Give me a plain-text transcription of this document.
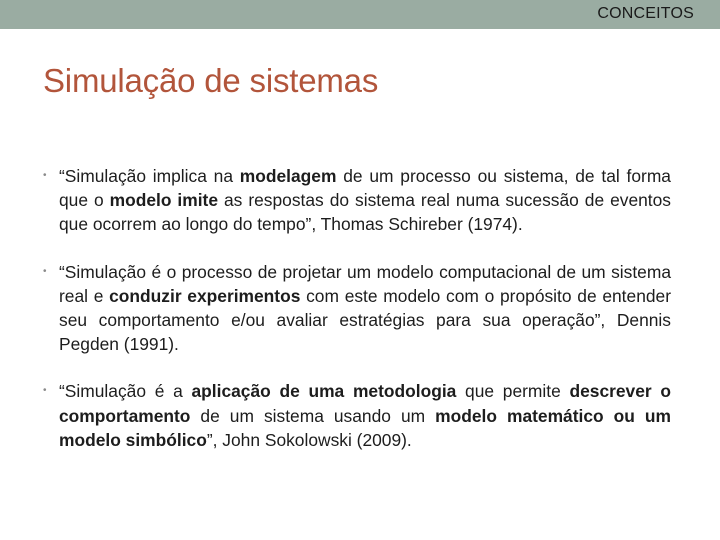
CONCEITOS
Simulação de sistemas
• “Simulação implica na modelagem de um processo ou sistema, de tal forma que o modelo imite as respostas do sistema real numa sucessão de eventos que ocorrem ao longo do tempo”, Thomas Schireber (1974).
• “Simulação é o processo de projetar um modelo computacional de um sistema real e conduzir experimentos com este modelo com o propósito de entender seu comportamento e/ou avaliar estratégias para sua operação”, Dennis Pegden (1991).
• “Simulação é a aplicação de uma metodologia que permite descrever o comportamento de um sistema usando um modelo matemático ou um modelo simbólico”, John Sokolowski (2009).
